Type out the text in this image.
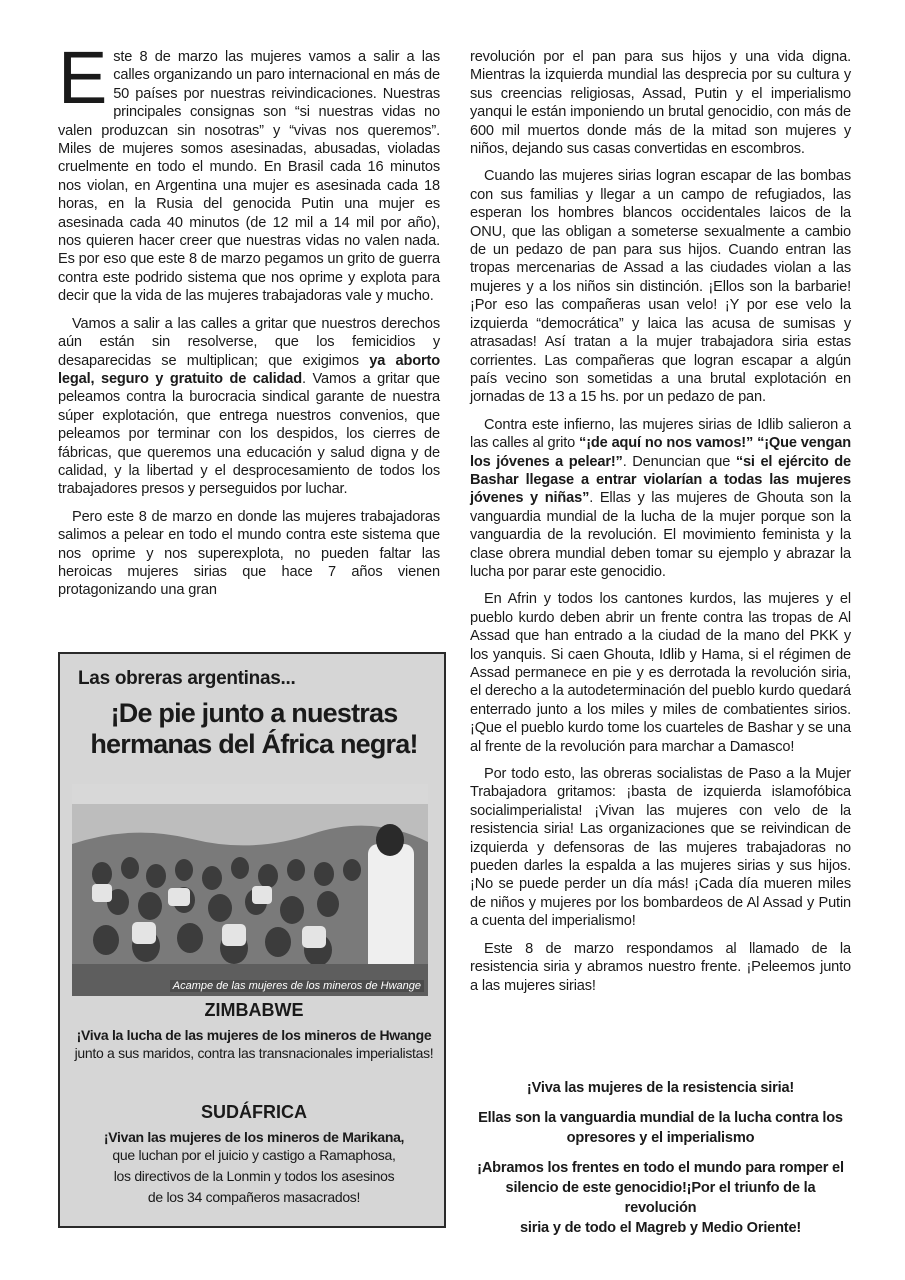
Este 8 de marzo las mujeres vamos a salir a las calles organizando un paro internacional en más de 50 países por nuestras reivindicaciones. Nuestras principales consignas son “si nuestras vidas no valen produzcan sin nosotras” y “vivas nos queremos”. Miles de mujeres somos asesinadas, abusadas, violadas cruelmente en todo el mundo. En Brasil cada 16 minutos nos violan, en Argentina una mujer es asesinada cada 18 horas, en la Rusia del genocida Putin una mujer es asesinada cada 40 minutos (de 12 mil a 14 mil por año), nos quieren hacer creer que nuestras vidas no valen nada. Es por eso que este 8 de marzo pegamos un grito de guerra contra este podrido sistema que nos oprime y explota para decir que la vida de las mujeres trabajadoras vale y mucho.

Vamos a salir a las calles a gritar que nuestros derechos aún están sin resolverse, que los femicidios y desaparecidas se multiplican; que exigimos ya aborto legal, seguro y gratuito de calidad. Vamos a gritar que peleamos contra la burocracia sindical garante de nuestra súper explotación, que entrega nuestros convenios, que peleamos por terminar con los despidos, los cierres de fábricas, que queremos una educación y salud digna y de calidad, y la libertad y el desprocesamiento de todos los trabajadores presos y perseguidos por luchar.

Pero este 8 de marzo en donde las mujeres trabajadoras salimos a pelear en todo el mundo contra este sistema que nos oprime y nos superexplota, no pueden faltar las heroicas mujeres sirias que hace 7 años vienen protagonizando una gran

Las obreras argentinas...
¡De pie junto a nuestras
hermanas del África negra!
Acampe de las mujeres de los mineros de Hwange
ZIMBABWE
¡Viva la lucha de las mujeres de los mineros de Hwange
junto a sus maridos, contra las transnacionales imperialistas!
SUDÁFRICA
¡Vivan las mujeres de los mineros de Marikana,
que luchan por el juicio y castigo a Ramaphosa,
los directivos de la Lonmin y todos los asesinos
de los 34 compañeros masacrados!

revolución por el pan para sus hijos y una vida digna. Mientras la izquierda mundial las desprecia por su cultura y sus creencias religiosas, Assad, Putin y el imperialismo yanqui le están imponiendo un brutal genocidio, con más de 600 mil muertos donde más de la mitad son mujeres y niños, dejando sus casas convertidas en escombros.

Cuando las mujeres sirias logran escapar de las bombas con sus familias y llegar a un campo de refugiados, las esperan los hombres blancos occidentales laicos de la ONU, que las obligan a someterse sexualmente a cambio de un pedazo de pan para sus hijos. Cuando entran las tropas mercenarias de Assad a las ciudades violan a las mujeres y a los niños sin distinción. ¡Ellos son la barbarie! ¡Por eso las compañeras usan velo! ¡Y por ese velo la izquierda “democrática” y laica las acusa de sumisas y atrasadas! Así tratan a la mujer trabajadora siria estas corrientes. Las compañeras que logran escapar a algún país vecino son sometidas a una brutal explotación en jornadas de 13 a 15 hs. por un pedazo de pan.

Contra este infierno, las mujeres sirias de Idlib salieron a las calles al grito “¡de aquí no nos vamos!” “¡Que vengan los jóvenes a pelear!”. Denuncian que “si el ejército de Bashar llegase a entrar violarían a todas las mujeres jóvenes y niñas”. Ellas y las mujeres de Ghouta son la vanguardia mundial de la lucha de la mujer porque son la vanguardia de la revolución. El movimiento feminista y la clase obrera mundial deben tomar su ejemplo y abrazar la lucha por parar este genocidio.

En Afrin y todos los cantones kurdos, las mujeres y el pueblo kurdo deben abrir un frente contra las tropas de Al Assad que han entrado a la ciudad de la mano del PKK y los yanquis. Si caen Ghouta, Idlib y Hama, si el régimen de Assad permanece en pie y es derrotada la revolución siria, el derecho a la autodeterminación del pueblo kurdo quedará enterrado junto a los miles y miles de combatientes sirios. ¡Que el pueblo kurdo tome los cuarteles de Bashar y se una al frente de la revolución para marchar a Damasco!

Por todo esto, las obreras socialistas de Paso a la Mujer Trabajadora gritamos: ¡basta de izquierda islamofóbica socialimperialista! ¡Vivan las mujeres con velo de la resistencia siria! Las organizaciones que se reivindican de izquierda y defensoras de las mujeres trabajadoras no pueden darles la espalda a las mujeres sirias y sus hijos. ¡No se puede perder un día más! ¡Cada día mueren miles de niños y mujeres por los bombardeos de Al Assad y Putin a cuenta del imperialismo!

Este 8 de marzo respondamos al llamado de la resistencia siria y abramos nuestro frente. ¡Peleemos junto a las mujeres sirias!

¡Viva las mujeres de la resistencia siria!
Ellas son la vanguardia mundial de la lucha contra los
opresores y el imperialismo
¡Abramos los frentes en todo el mundo para romper el
silencio de este genocidio!¡Por el triunfo de la revolución
siria y de todo el Magreb y Medio Oriente!
